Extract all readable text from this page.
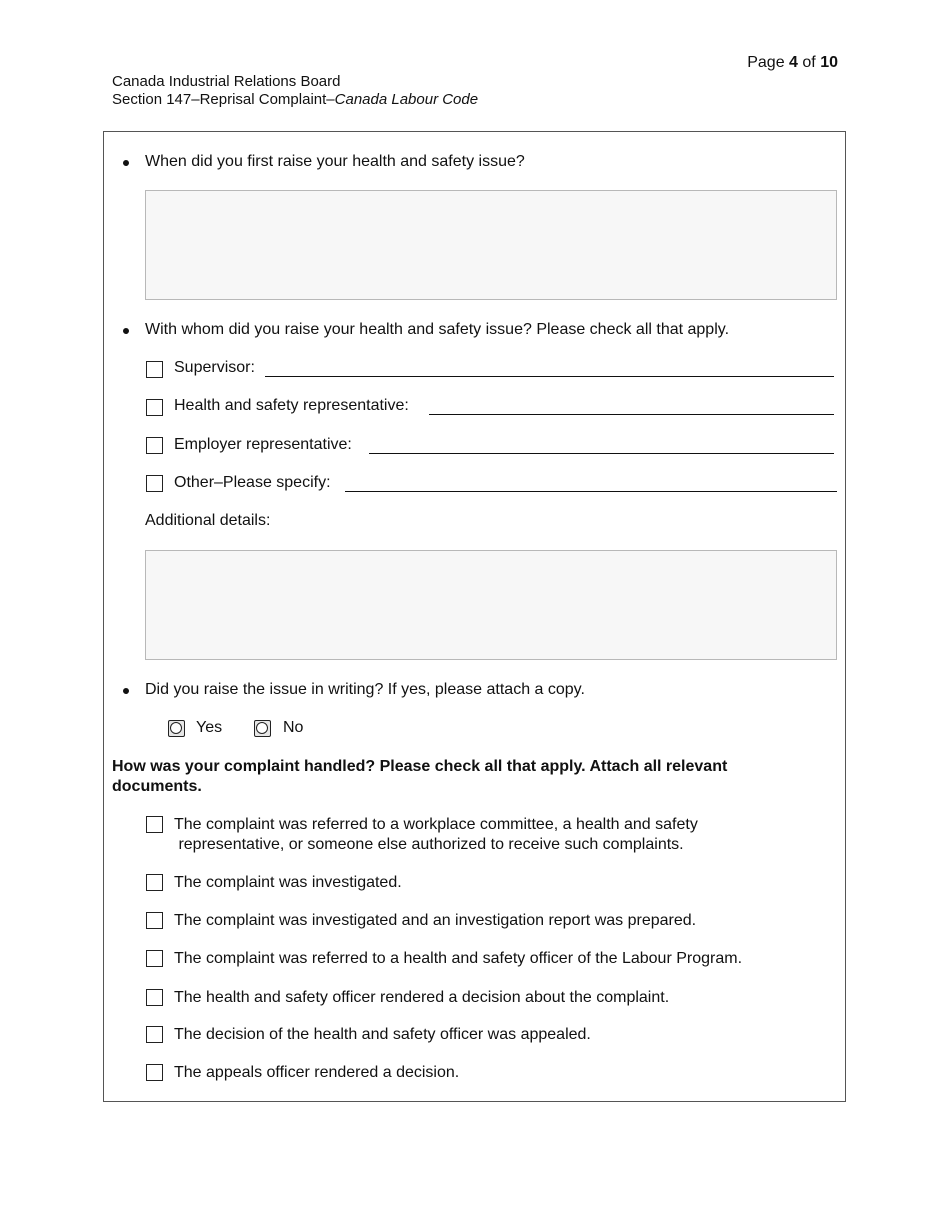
Page 4 of 10
Canada Industrial Relations Board
Section 147–Reprisal Complaint–Canada Labour Code
When did you first raise your health and safety issue?
With whom did you raise your health and safety issue? Please check all that apply.
Supervisor:
Health and safety representative:
Employer representative:
Other–Please specify:
Additional details:
Did you raise the issue in writing? If yes, please attach a copy.
Yes	No
How was your complaint handled? Please check all that apply. Attach all relevant documents.
The complaint was referred to a workplace committee, a health and safety
representative, or someone else authorized to receive such complaints.
The complaint was investigated.
The complaint was investigated and an investigation report was prepared.
The complaint was referred to a health and safety officer of the Labour Program.
The health and safety officer rendered a decision about the complaint.
The decision of the health and safety officer was appealed.
The appeals officer rendered a decision.
